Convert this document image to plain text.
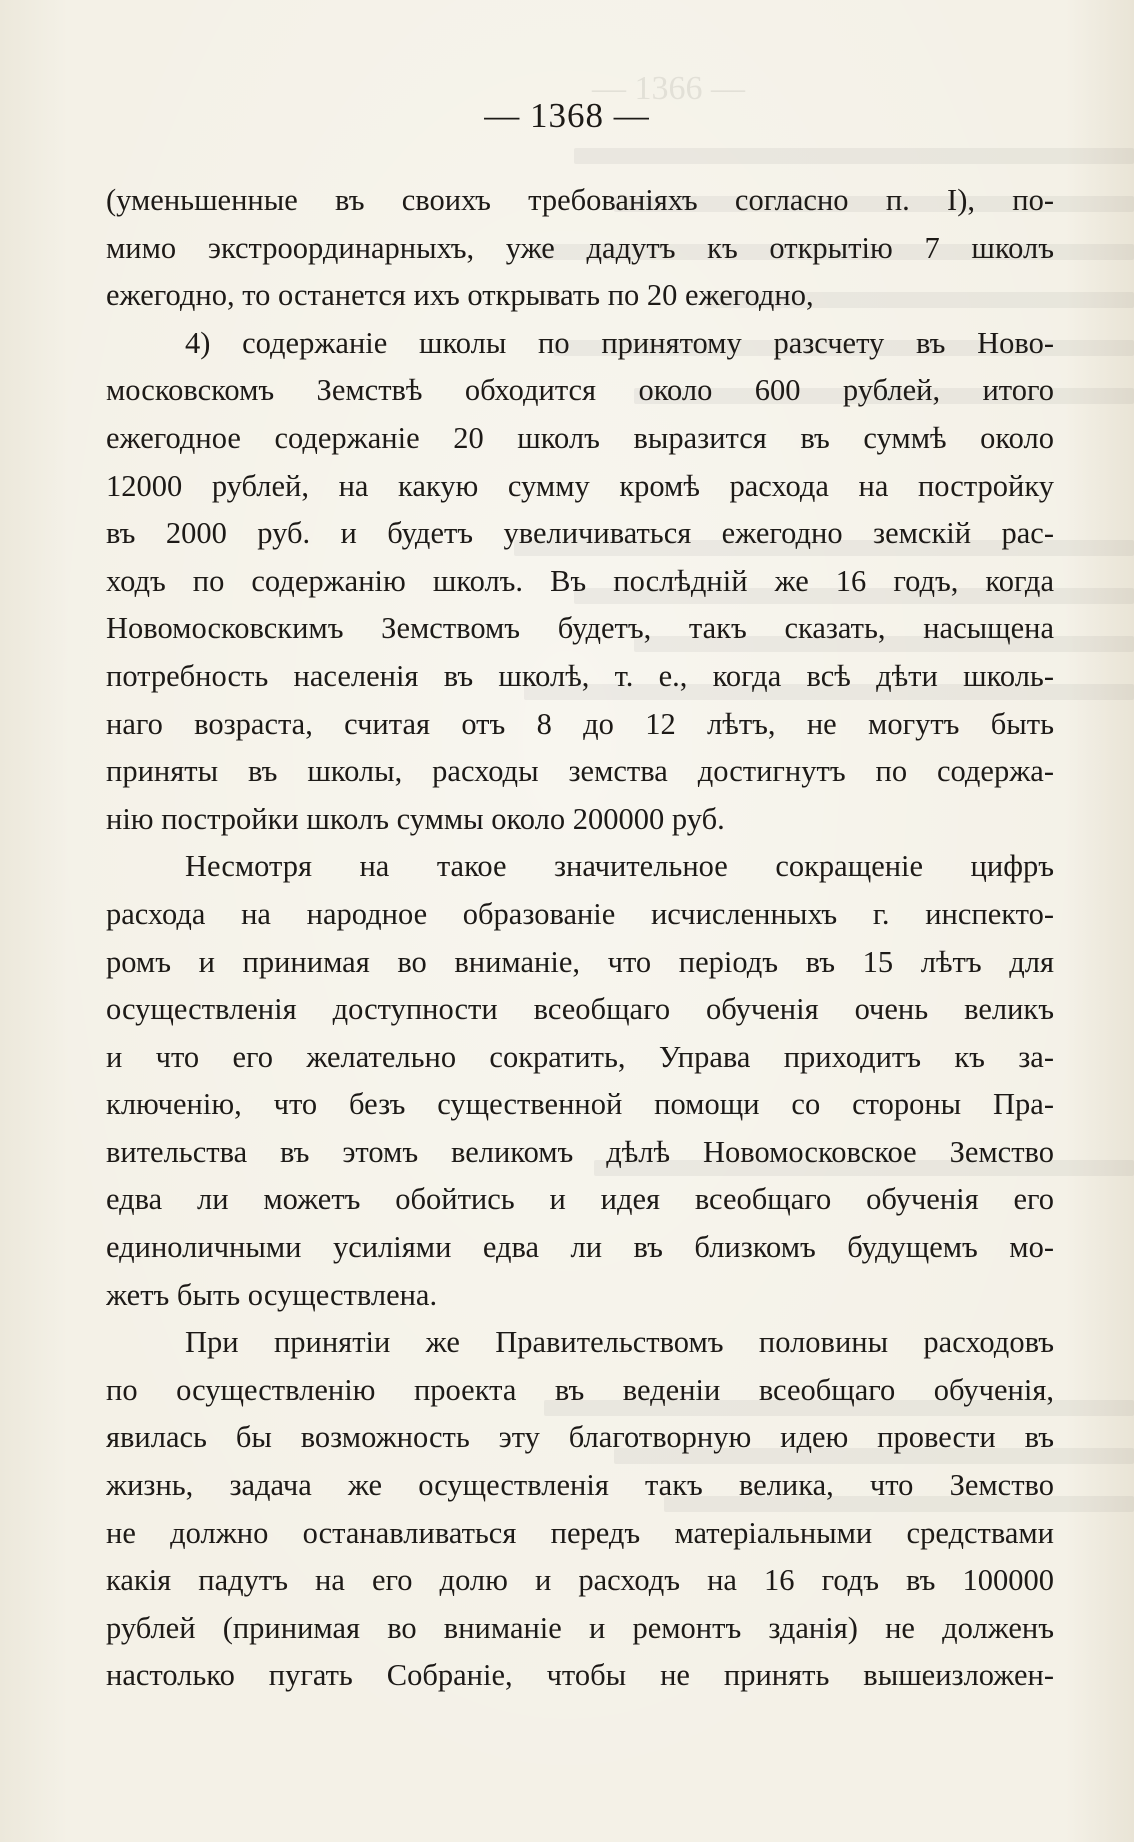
— 1366 —
— 1368 —
(уменьшенные въ своихъ требованіяхъ согласно п. I), по-
мимо экстроординарныхъ, уже дадутъ къ открытію 7 школъ
ежегодно, то останется ихъ открывать по 20 ежегодно,
4) содержаніе школы по принятому разсчету въ Ново-
московскомъ Земствѣ обходится около 600 рублей, итого
ежегодное содержаніе 20 школъ выразится въ суммѣ около
12000 рублей, на какую сумму кромѣ расхода на постройку
въ 2000 руб. и будетъ увеличиваться ежегодно земскій рас-
ходъ по содержанію школъ. Въ послѣдній же 16 годъ, когда
Новомосковскимъ Земствомъ будетъ, такъ сказать, насыщена
потребность населенія въ школѣ, т. е., когда всѣ дѣти школь-
наго возраста, считая отъ 8 до 12 лѣтъ, не могутъ быть
приняты въ школы, расходы земства достигнутъ по содержа-
нію постройки школъ суммы около 200000 руб.
Несмотря на такое значительное сокращеніе цифръ
расхода на народное образованіе исчисленныхъ г. инспекто-
ромъ и принимая во вниманіе, что періодъ въ 15 лѣтъ для
осуществленія доступности всеобщаго обученія очень великъ
и что его желательно сократить, Управа приходитъ къ за-
ключенію, что безъ существенной помощи со стороны Пра-
вительства въ этомъ великомъ дѣлѣ Новомосковское Земство
едва ли можетъ обойтись и идея всеобщаго обученія его
единоличными усиліями едва ли въ близкомъ будущемъ мо-
жетъ быть осуществлена.
При принятіи же Правительствомъ половины расходовъ
по осуществленію проекта въ веденіи всеобщаго обученія,
явилась бы возможность эту благотворную идею провести въ
жизнь, задача же осуществленія такъ велика, что Земство
не должно останавливаться передъ матеріальными средствами
какія падутъ на его долю и расходъ на 16 годъ въ 100000
рублей (принимая во вниманіе и ремонтъ зданія) не долженъ
настолько пугать Собраніе, чтобы не принять вышеизложен-
